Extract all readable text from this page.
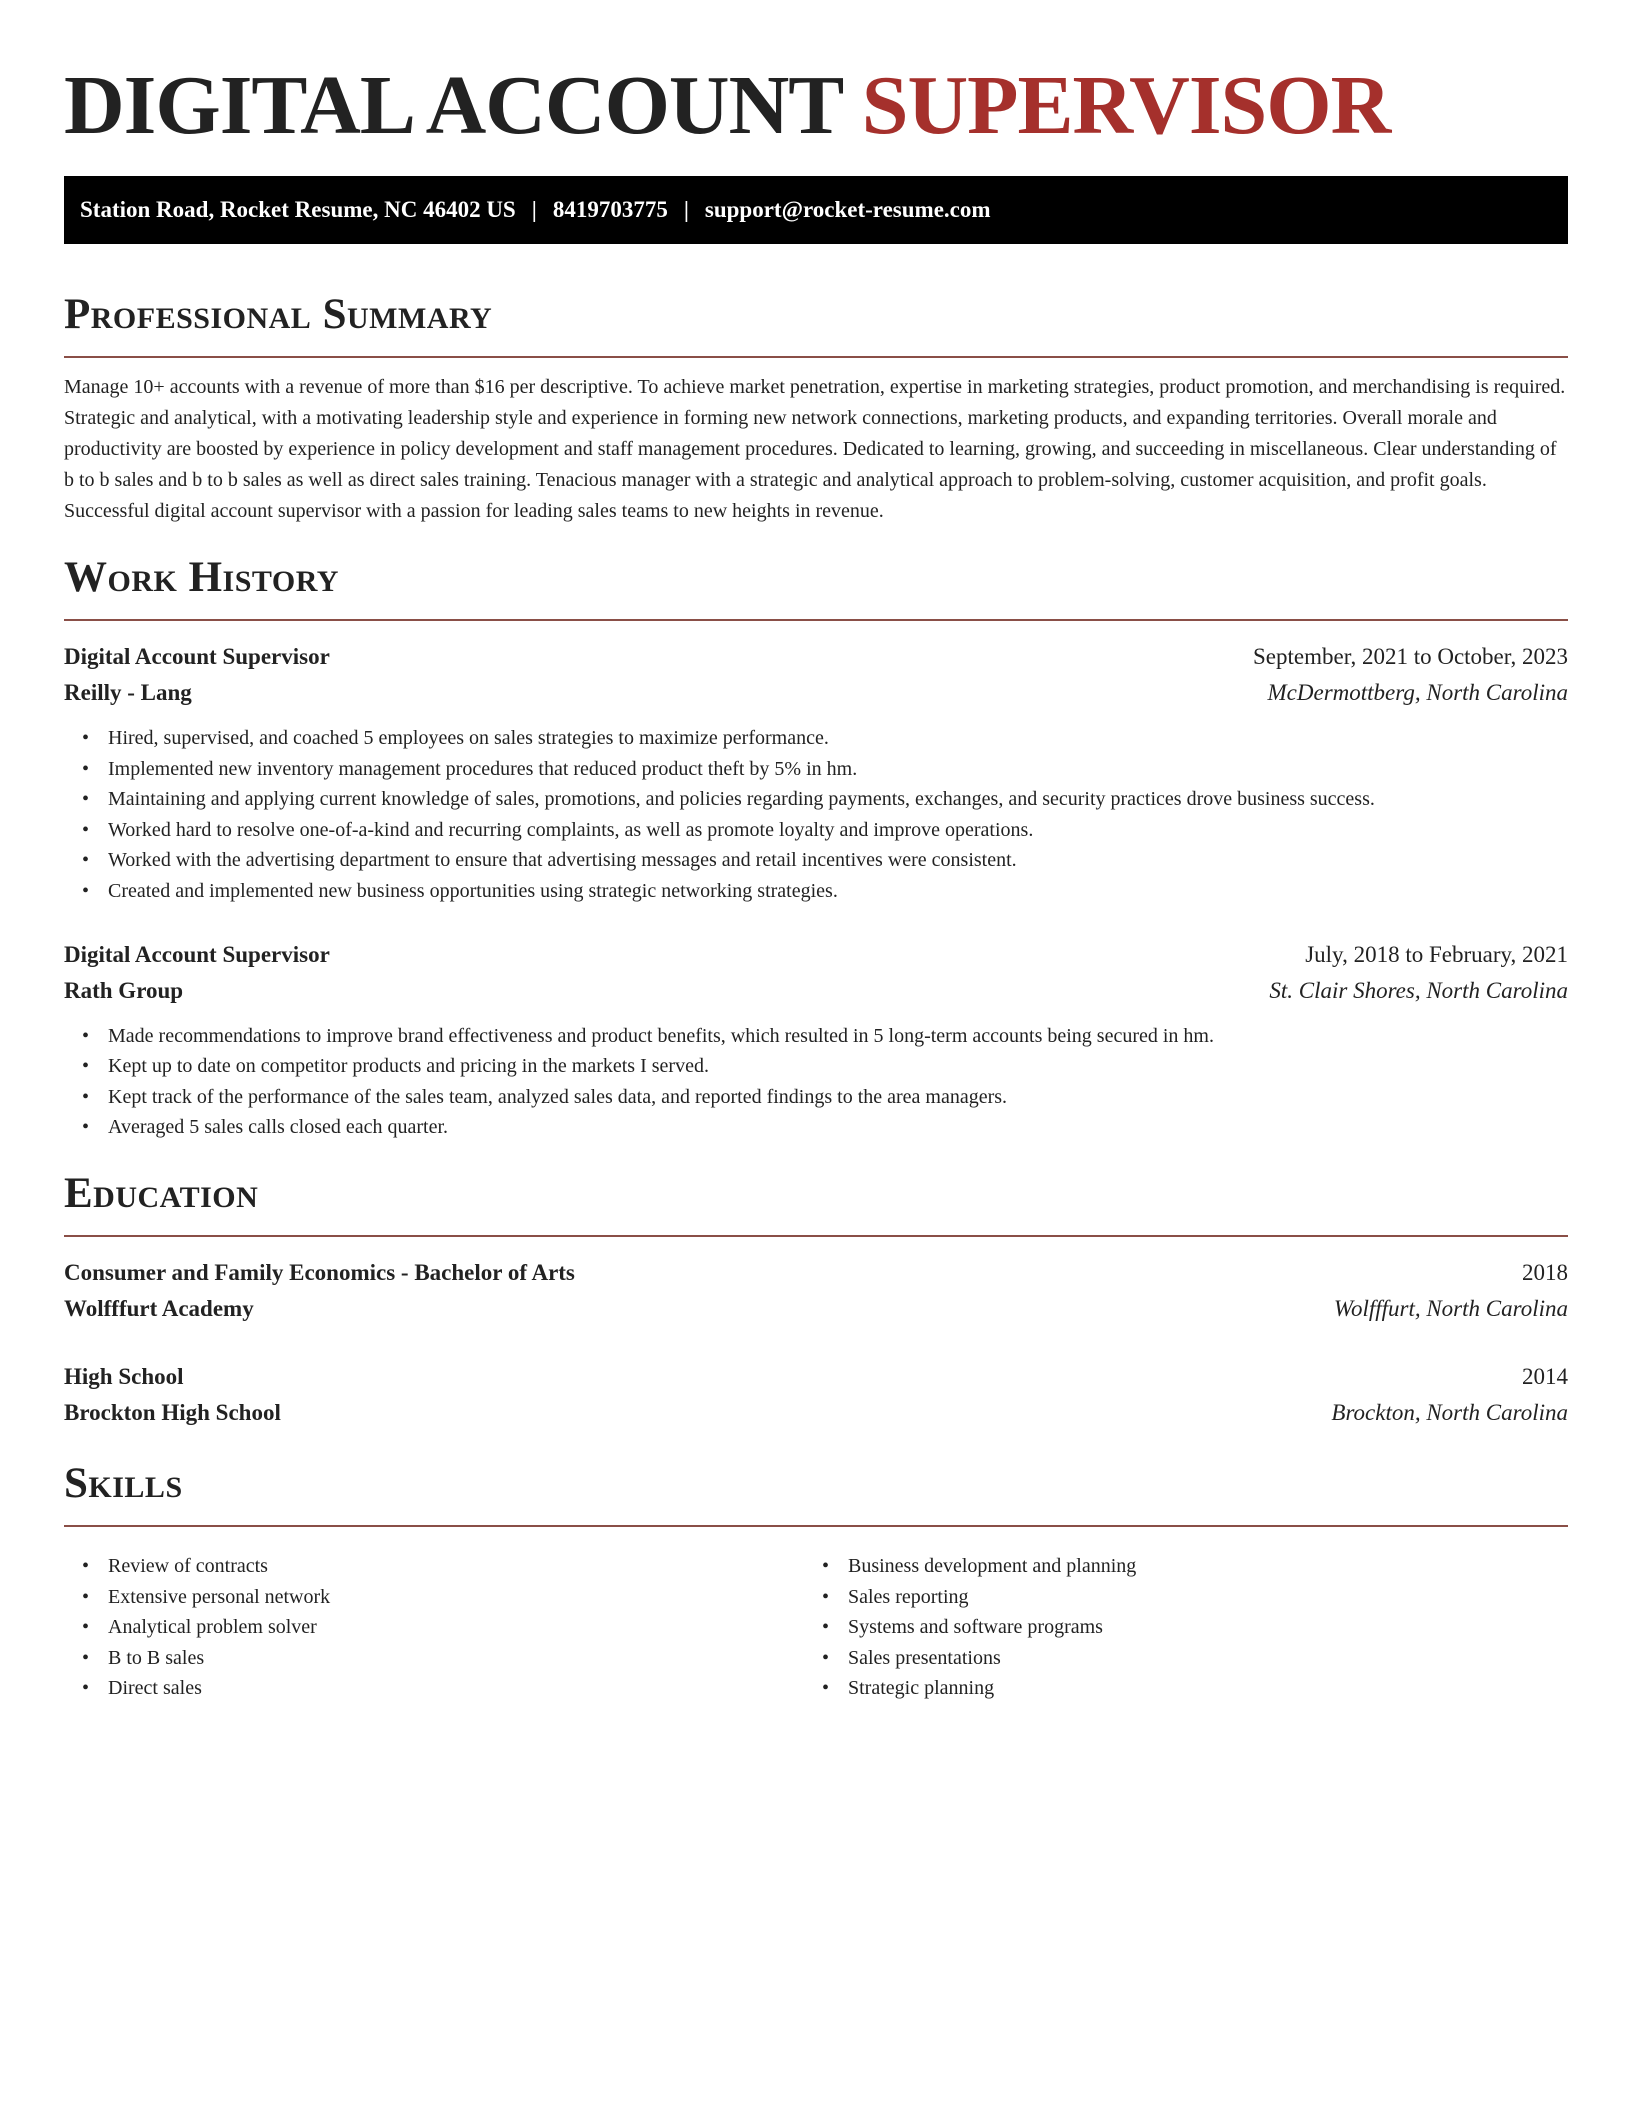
DIGITAL ACCOUNT SUPERVISOR
Station Road, Rocket Resume, NC 46402 US | 8419703775 | support@rocket-resume.com
Professional Summary

Manage 10+ accounts with a revenue of more than $16 per descriptive. To achieve market penetration, expertise in marketing strategies, product promotion, and merchandising is required. Strategic and analytical, with a motivating leadership style and experience in forming new network connections, marketing products, and expanding territories. Overall morale and productivity are boosted by experience in policy development and staff management procedures. Dedicated to learning, growing, and succeeding in miscellaneous. Clear understanding of b to b sales and b to b sales as well as direct sales training. Tenacious manager with a strategic and analytical approach to problem-solving, customer acquisition, and profit goals. Successful digital account supervisor with a passion for leading sales teams to new heights in revenue.

Work History
Digital Account Supervisor	September, 2021 to October, 2023
Reilly - Lang	McDermottberg, North Carolina
• Hired, supervised, and coached 5 employees on sales strategies to maximize performance.
• Implemented new inventory management procedures that reduced product theft by 5% in hm.
• Maintaining and applying current knowledge of sales, promotions, and policies regarding payments, exchanges, and security practices drove business success.
• Worked hard to resolve one-of-a-kind and recurring complaints, as well as promote loyalty and improve operations.
• Worked with the advertising department to ensure that advertising messages and retail incentives were consistent.
• Created and implemented new business opportunities using strategic networking strategies.
Digital Account Supervisor	July, 2018 to February, 2021
Rath Group	St. Clair Shores, North Carolina
• Made recommendations to improve brand effectiveness and product benefits, which resulted in 5 long-term accounts being secured in hm.
• Kept up to date on competitor products and pricing in the markets I served.
• Kept track of the performance of the sales team, analyzed sales data, and reported findings to the area managers.
• Averaged 5 sales calls closed each quarter.
Education
Consumer and Family Economics - Bachelor of Arts	2018
Wolfffurt Academy	Wolfffurt, North Carolina
High School	2014
Brockton High School	Brockton, North Carolina
Skills
• Review of contracts
• Extensive personal network
• Analytical problem solver
• B to B sales
• Direct sales
• Business development and planning
• Sales reporting
• Systems and software programs
• Sales presentations
• Strategic planning
